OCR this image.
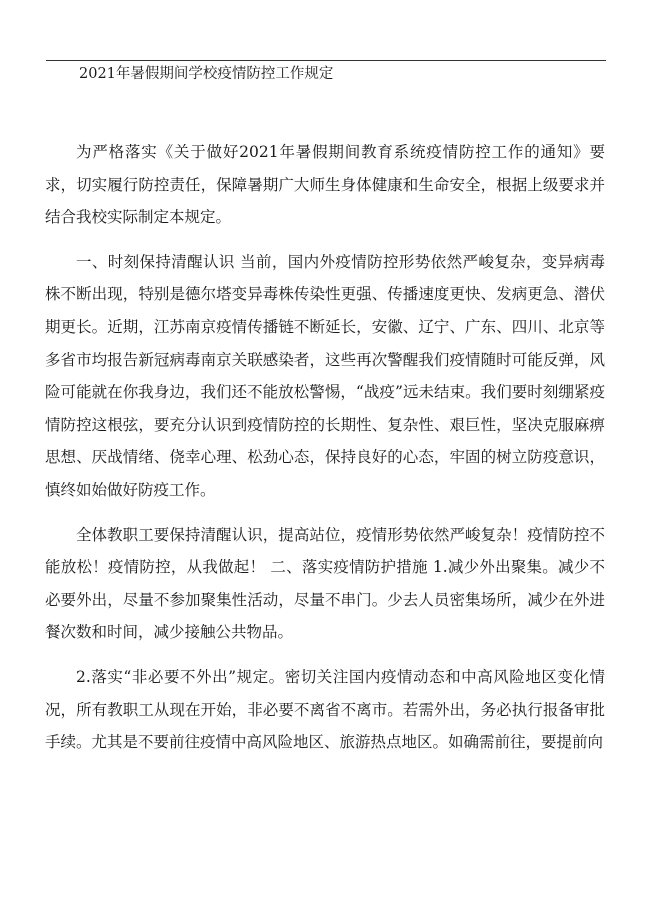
2021年暑假期间学校疫情防控工作规定

为严格落实《关于做好2021年暑假期间教育系统疫情防控工作的通知》要求，切实履行防控责任，保障暑期广大师生身体健康和生命安全，根据上级要求并结合我校实际制定本规定。

一、时刻保持清醒认识 当前，国内外疫情防控形势依然严峻复杂，变异病毒株不断出现，特别是德尔塔变异毒株传染性更强、传播速度更快、发病更急、潜伏期更长。近期，江苏南京疫情传播链不断延长，安徽、辽宁、广东、四川、北京等多省市均报告新冠病毒南京关联感染者，这些再次警醒我们疫情随时可能反弹，风险可能就在你我身边，我们还不能放松警惕，“战疫”远未结束。我们要时刻绷紧疫情防控这根弦，要充分认识到疫情防控的长期性、复杂性、艰巨性，坚决克服麻痹思想、厌战情绪、侥幸心理、松劲心态，保持良好的心态，牢固的树立防疫意识，慎终如始做好防疫工作。

全体教职工要保持清醒认识，提高站位，疫情形势依然严峻复杂！疫情防控不能放松！疫情防控，从我做起！ 二、落实疫情防护措施 1.减少外出聚集。减少不必要外出，尽量不参加聚集性活动，尽量不串门。少去人员密集场所，减少在外进餐次数和时间，减少接触公共物品。

2.落实“非必要不外出”规定。密切关注国内疫情动态和中高风险地区变化情况，所有教职工从现在开始，非必要不离省不离市。若需外出，务必执行报备审批手续。尤其是不要前往疫情中高风险地区、旅游热点地区。如确需前往，要提前向
